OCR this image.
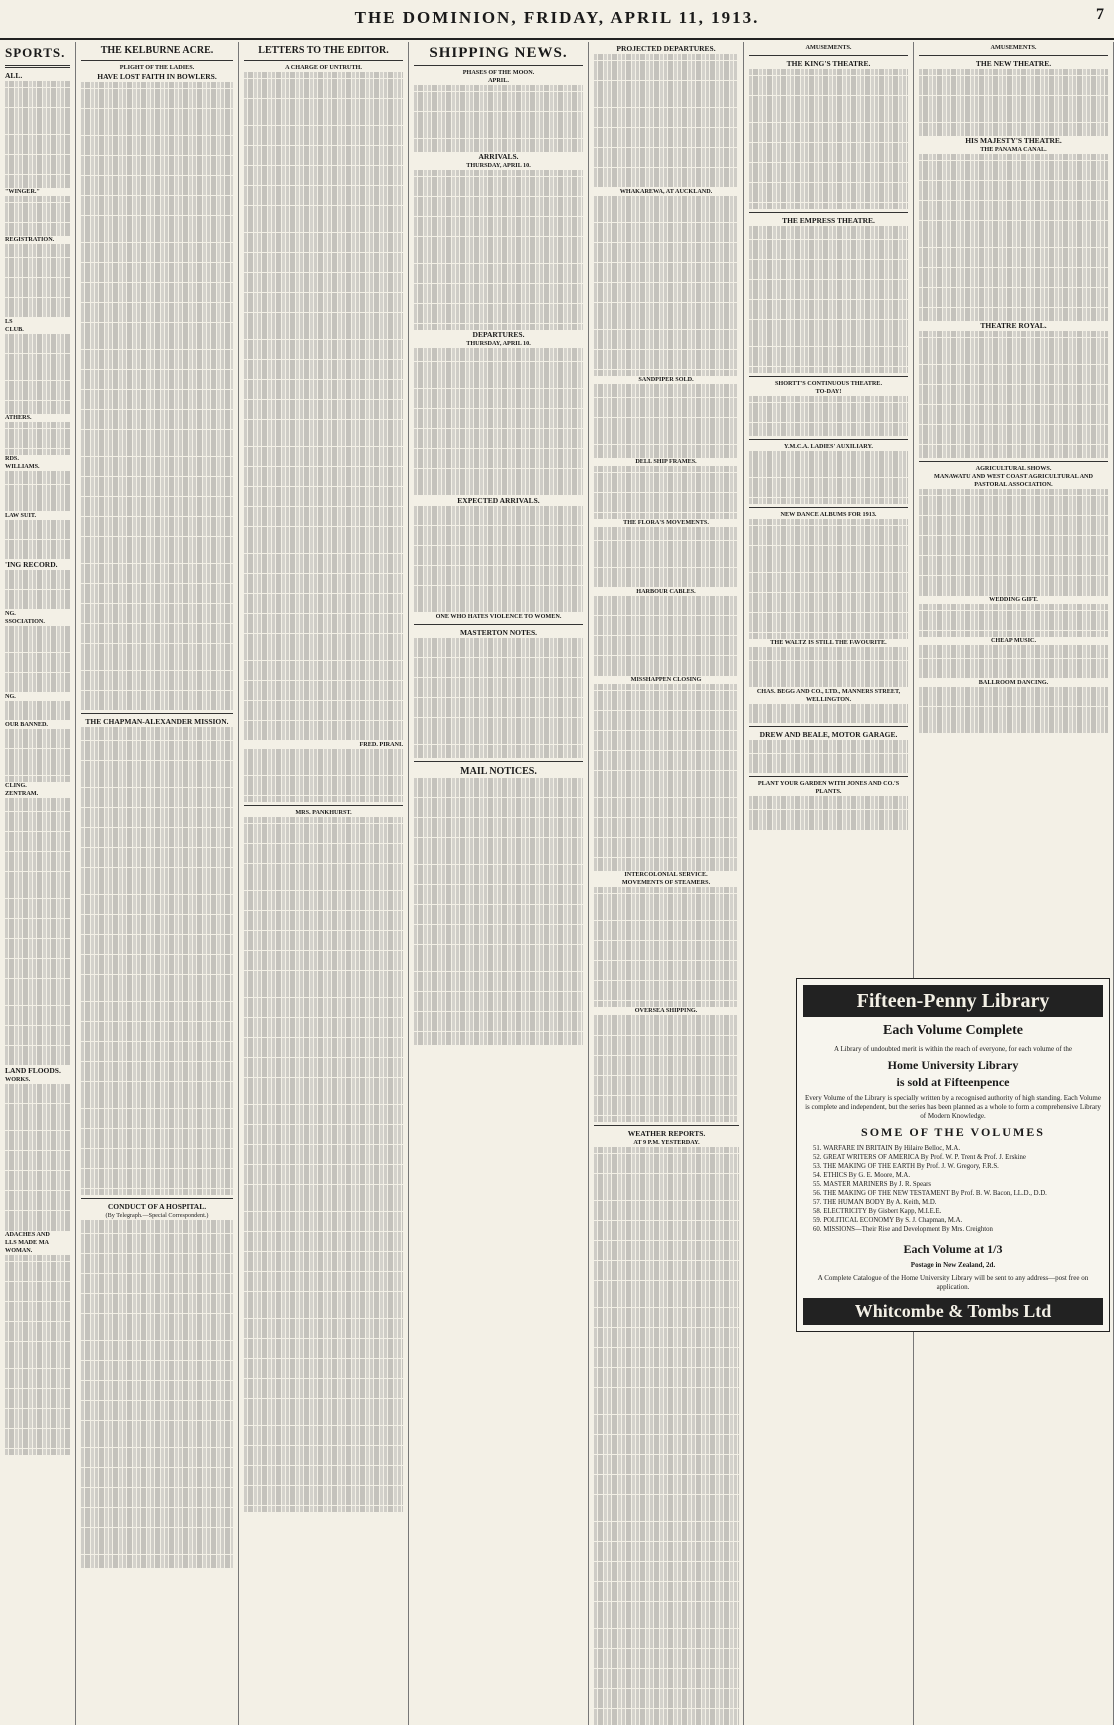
THE DOMINION, FRIDAY, APRIL 11, 1913.	7
SPORTS.
ALL.
"WINGER."
REGISTRATION.
LS
CLUB.
ATHERS.
RDS.
WILLIAMS.
LAW SUIT.
'ING RECORD.
NG.
SSOCIATION.
NG.
OUR BANNED.
CLING.
ZENTRAM.
LAND FLOODS.
WORKS.
ADACHES AND
LLS MADE MA
WOMAN.
THE KELBURNE ACRE.
PLIGHT OF THE LADIES.
HAVE LOST FAITH IN BOWLERS.
THE CHAPMAN-ALEXANDER MISSION.
CONDUCT OF A HOSPITAL.
(By Telegraph.—Special Correspondent.)
LETTERS TO THE EDITOR.
A CHARGE OF UNTRUTH.
FRED. PIRANI.
MRS. PANKHURST.
SHIPPING NEWS.
PHASES OF THE MOON.
APRIL.
ARRIVALS.
THURSDAY, APRIL 10.
DEPARTURES.
THURSDAY, APRIL 10.
EXPECTED ARRIVALS.
ONE WHO HATES VIOLENCE TO WOMEN.
MASTERTON NOTES.
MAIL NOTICES.
PROJECTED DEPARTURES.
WHAKAREWA, AT AUCKLAND.
SANDPIPER SOLD.
DELL SHIP FRAMES.
THE FLORA'S MOVEMENTS.
HARBOUR CABLES.
MISSHAPPEN CLOSING
INTERCOLONIAL SERVICE.
MOVEMENTS OF STEAMERS.
OVERSEA SHIPPING.
AMUSEMENTS.
THE KING'S THEATRE.
THE EMPRESS THEATRE.
SHORTT'S CONTINUOUS THEATRE.
TO-DAY!
Y.M.C.A. LADIES' AUXILIARY.
NEW DANCE ALBUMS FOR 1913.
THE WALTZ IS STILL THE FAVOURITE.
CHAS. BEGG AND CO., LTD., MANNERS STREET, WELLINGTON.
DREW AND BEALE, MOTOR GARAGE.
PLANT YOUR GARDEN WITH JONES AND CO.'S PLANTS.
AMUSEMENTS.
THE NEW THEATRE.
HIS MAJESTY'S THEATRE.
THE PANAMA CANAL.
THEATRE ROYAL.
AGRICULTURAL SHOWS.
MANAWATU AND WEST COAST AGRICULTURAL AND PASTORAL ASSOCIATION.
WEDDING GIFT.
CHEAP MUSIC.
BALLROOM DANCING.
Fifteen-Penny Library
Each Volume Complete
A Library of undoubted merit is within the reach of everyone, for each volume of the
Home University Library
is sold at Fifteenpence
Every Volume of the Library is specially written by a recognised authority of high standing. Each Volume is complete and independent, but the series has been planned as a whole to form a comprehensive Library of Modern Knowledge.
SOME OF THE VOLUMES
51. WARFARE IN BRITAIN By Hilaire Belloc, M.A.
52. GREAT WRITERS OF AMERICA By Prof. W. P. Trent & Prof. J. Erskine
53. THE MAKING OF THE EARTH By Prof. J. W. Gregory, F.R.S.
54. ETHICS By G. E. Moore, M.A.
55. MASTER MARINERS By J. R. Spears
56. THE MAKING OF THE NEW TESTAMENT By Prof. B. W. Bacon, LL.D., D.D.
57. THE HUMAN BODY By A. Keith, M.D.
58. ELECTRICITY By Gisbert Kapp, M.I.E.E.
59. POLITICAL ECONOMY By S. J. Chapman, M.A.
60. MISSIONS—Their Rise and Development By Mrs. Creighton
Each Volume at 1/3
Postage in New Zealand, 2d.
A Complete Catalogue of the Home University Library will be sent to any address—post free on application.
Whitcombe & Tombs Ltd
WEATHER REPORTS.
AT 9 P.M. YESTERDAY.
